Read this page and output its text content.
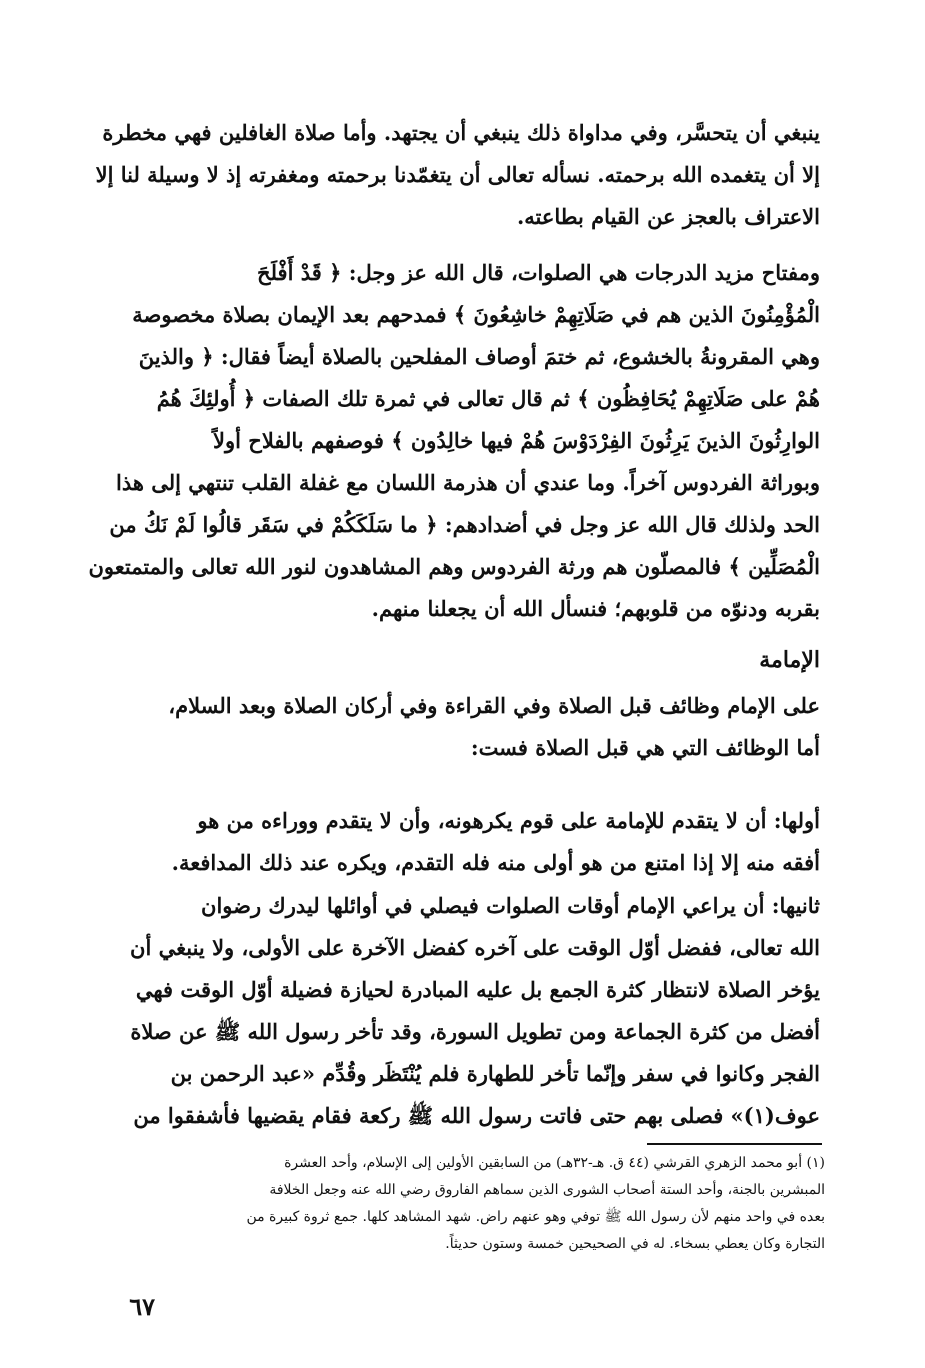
ينبغي أن يتحسَّر، وفي مداواة ذلك ينبغي أن يجتهد. وأما صلاة الغافلين فهي مخطرة
إلا أن يتغمده الله برحمته. نسأله تعالى أن يتغمّدنا برحمته ومغفرته إذ لا وسيلة لنا إلا
الاعتراف بالعجز عن القيام بطاعته.
ومفتاح مزيد الدرجات هي الصلوات، قال الله عز وجل: ﴿ قَدْ أَفْلَحَ
الْمُؤْمِنُونَ الذين هم في صَلَاتِهِمْ خاشِعُونَ ﴾ فمدحهم بعد الإيمان بصلاة مخصوصة
وهي المقرونةُ بالخشوع، ثم ختمَ أوصاف المفلحين بالصلاة أيضاً فقال: ﴿ والذينَ
هُمْ على صَلَاتِهِمْ يُحَافِظُون ﴾ ثم قال تعالى في ثمرة تلك الصفات ﴿ أُولئِكَ هُمُ
الوارِثُونَ الذينَ يَرِثُونَ الفِرْدَوْسَ هُمْ فيها خالِدُون ﴾ فوصفهم بالفلاح أولاً
وبوراثة الفردوس آخراً. وما عندي أن هذرمة اللسان مع غفلة القلب تنتهي إلى هذا
الحد ولذلك قال الله عز وجل في أضدادهم: ﴿ ما سَلَكَكُمْ في سَقَر قالُوا لَمْ نَكُ من
الْمُصَلِّين ﴾ فالمصلّون هم ورثة الفردوس وهم المشاهدون لنور الله تعالى والمتمتعون
بقربه ودنوّه من قلوبهم؛ فنسأل الله أن يجعلنا منهم.
الإمامة
على الإمام وظائف قبل الصلاة وفي القراءة وفي أركان الصلاة وبعد السلام،
أما الوظائف التي هي قبل الصلاة فست:
أولها: أن لا يتقدم للإمامة على قوم يكرهونه، وأن لا يتقدم ووراءه من هو
أفقه منه إلا إذا امتنع من هو أولى منه فله التقدم، ويكره عند ذلك المدافعة.
ثانيها: أن يراعي الإمام أوقات الصلوات فيصلي في أوائلها ليدرك رضوان
الله تعالى، ففضل أوّل الوقت على آخره كفضل الآخرة على الأولى، ولا ينبغي أن
يؤخر الصلاة لانتظار كثرة الجمع بل عليه المبادرة لحيازة فضيلة أوّل الوقت فهي
أفضل من كثرة الجماعة ومن تطويل السورة، وقد تأخر رسول الله ﷺ عن صلاة
الفجر وكانوا في سفر وإنّما تأخر للطهارة فلم يُنْتَظَر وقُدِّم «عبد الرحمن بن
عوف(١)» فصلى بهم حتى فاتت رسول الله ﷺ ركعة فقام يقضيها فأشفقوا من
(١) أبو محمد الزهري القرشي (٤٤ ق. هـ-٣٢هـ) من السابقين الأولين إلى الإسلام، وأحد العشرة
المبشرين بالجنة، وأحد الستة أصحاب الشورى الذين سماهم الفاروق رضي الله عنه وجعل الخلافة
بعده في واحد منهم لأن رسول الله ﷺ توفي وهو عنهم راض. شهد المشاهد كلها. جمع ثروة كبيرة من
التجارة وكان يعطي بسخاء. له في الصحيحين خمسة وستون حديثاً.
٦٧
